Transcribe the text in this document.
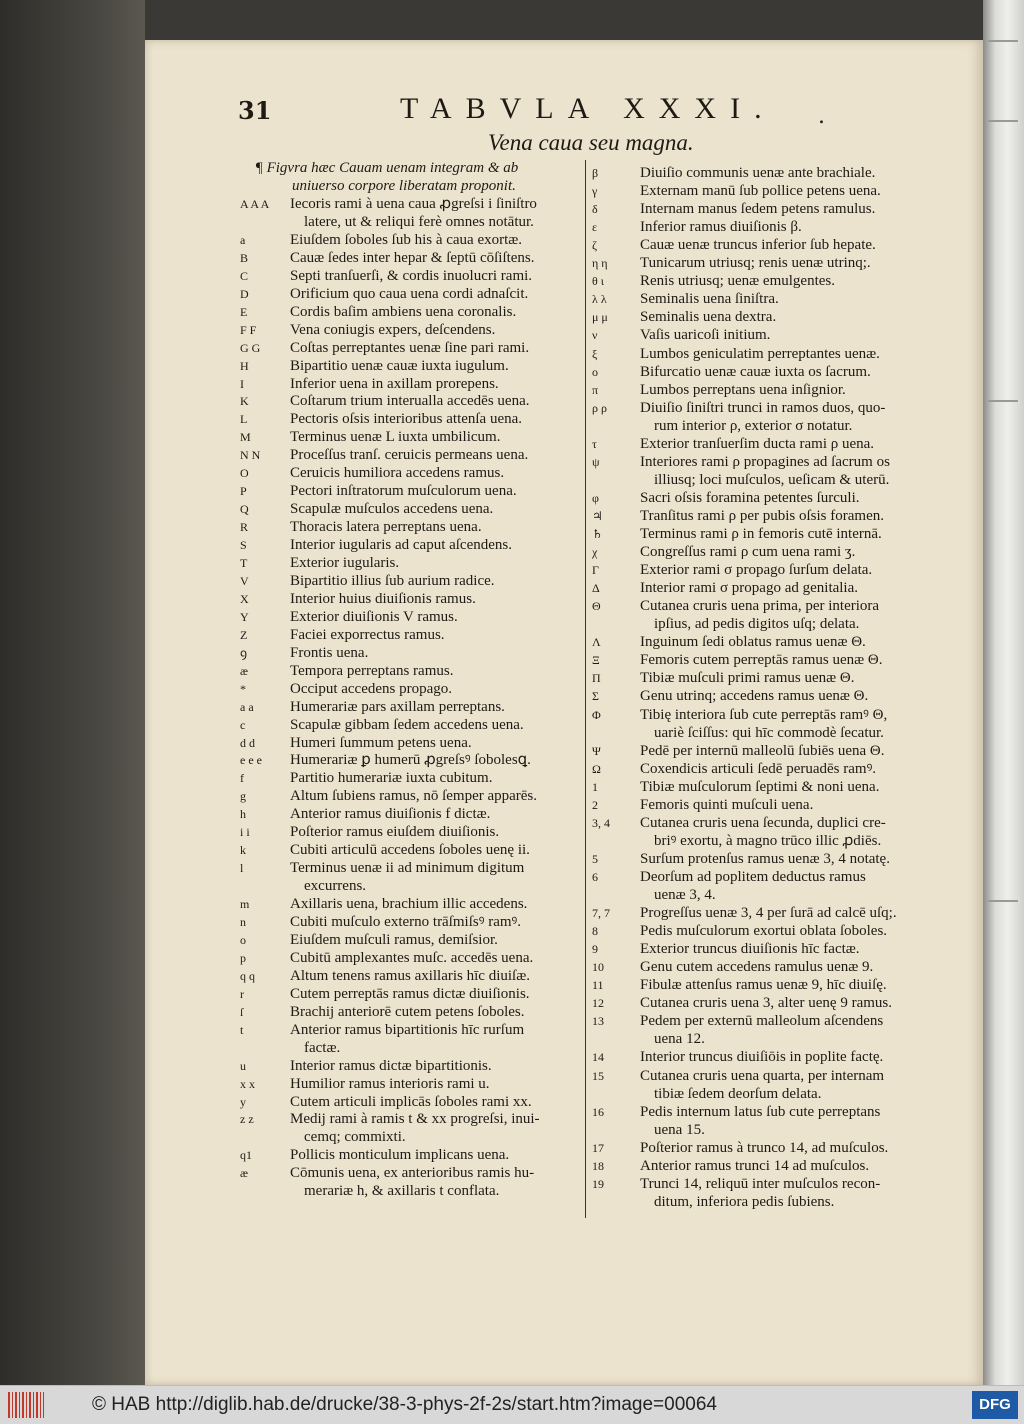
31	TABVLA XXXI. .
Vena caua seu magna.
¶ Figvra hæc Cauam uenam integram & ab
uniuerso corpore liberatam proponit.
A A A Iecoris rami à uena caua ꝓgreſsi i ſiniſtro
latere, ut & reliqui ferè omnes notātur.
a	Eiuſdem ſoboles ſub his à caua exortæ.
B	Cauæ ſedes inter hepar & ſeptū cōſiſtens.
C	Septi tranſuerſi, & cordis inuolucri rami.
D	Orificium quo caua uena cordi adnaſcit.
E	Cordis baſim ambiens uena coronalis.
F F Vena coniugis expers, deſcendens.
G G Coſtas perreptantes uenæ ſine pari rami.
H	Bipartitio uenæ cauæ iuxta iugulum.
I	Inferior uena in axillam prorepens.
K	Coſtarum trium interualla accedēs uena.
L	Pectoris oſsis interioribus attenſa uena.
M	Terminus uenæ L iuxta umbilicum.
N N Proceſſus tranſ. ceruicis permeans uena.
O	Ceruicis humiliora accedens ramus.
P	Pectori inſtratorum muſculorum uena.
Q	Scapulæ muſculos accedens uena.
R	Thoracis latera perreptans uena.
S	Interior iugularis ad caput aſcendens.
T	Exterior iugularis.
V	Bipartitio illius ſub aurium radice.
X	Interior huius diuiſionis ramus.
Y	Exterior diuiſionis V ramus.
Z	Faciei exporrectus ramus.
ꝯ	Frontis uena.
æ	Tempora perreptans ramus.
*	Occiput accedens propago.
a a Humerariæ pars axillam perreptans.
c	Scapulæ gibbam ſedem accedens uena.
d d Humeri ſummum petens uena.
e e e Humerariæ ꝑ humerū ꝓgreſsꝰ ſobolesꝗ.
f	Partitio humerariæ iuxta cubitum.
g	Altum ſubiens ramus, nō ſemper apparēs.
h	Anterior ramus diuiſionis f dictæ.
i i	Poſterior ramus eiuſdem diuiſionis.
k	Cubiti articulū accedens ſoboles uenę ii.
l	Terminus uenæ ii ad minimum digitum
excurrens.
m	Axillaris uena, brachium illic accedens.
n	Cubiti muſculo externo trāſmiſsꝰ ramꝰ.
o	Eiuſdem muſculi ramus, demiſsior.
p	Cubitū amplexantes muſc. accedēs uena.
q q Altum tenens ramus axillaris hīc diuiſæ.
r	Cutem perreptās ramus dictæ diuiſionis.
ſ	Brachij anteriorē cutem petens ſoboles.
t	Anterior ramus bipartitionis hīc rurſum
factæ.
u	Interior ramus dictæ bipartitionis.
x x Humilior ramus interioris rami u.
y	Cutem articuli implicās ſoboles rami xx.
z z Medij rami à ramis t & xx progreſsi, inui-
cemq; commixti.
q1	Pollicis monticulum implicans uena.
æ	Cōmunis uena, ex anterioribus ramis hu-
merariæ h, & axillaris t conflata.
β	Diuiſio communis uenæ ante brachiale.
γ	Externam manū ſub pollice petens uena.
δ	Internam manus ſedem petens ramulus.
ε	Inferior ramus diuiſionis β.
ζ	Cauæ uenæ truncus inferior ſub hepate.
η η Tunicarum utriusq; renis uenæ utrinq;.
θ ι Renis utriusq; uenæ emulgentes.
λ λ Seminalis uena ſiniſtra.
μ μ Seminalis uena dextra.
ν	Vaſis uaricoſi initium.
ξ	Lumbos geniculatim perreptantes uenæ.
ο	Bifurcatio uenæ cauæ iuxta os ſacrum.
π	Lumbos perreptans uena inſignior.
ρ ρ Diuiſio ſiniſtri trunci in ramos duos, quo-
rum interior ρ, exterior σ notatur.
τ	Exterior tranſuerſim ducta rami ρ uena.
ψ	Interiores rami ρ propagines ad ſacrum os
illiusq; loci muſculos, ueſicam & uterū.
φ	Sacri oſsis foramina petentes ſurculi.
♃ Tranſitus rami ρ per pubis oſsis foramen.
♄ Terminus rami ρ in femoris cutē internā.
χ	Congreſſus rami ρ cum uena rami ʒ.
Γ	Exterior rami σ propago ſurſum delata.
Δ	Interior rami σ propago ad genitalia.
Θ	Cutanea cruris uena prima, per interiora
ipſius, ad pedis digitos uſq; delata.
Λ	Inguinum ſedi oblatus ramus uenæ Θ.
Ξ	Femoris cutem perreptās ramus uenæ Θ.
Π	Tibiæ muſculi primi ramus uenæ Θ.
Σ	Genu utrinq; accedens ramus uenæ Θ.
Φ	Tibię interiora ſub cute perreptās ramꝰ Θ,
uariè ſciſſus: qui hīc commodè ſecatur.
Ψ	Pedē per internū malleolū ſubiēs uena Θ.
Ω	Coxendicis articuli ſedē peruadēs ramꝰ.
1	Tibiæ muſculorum ſeptimi & noni uena.
2	Femoris quinti muſculi uena.
3, 4 Cutanea cruris uena ſecunda, duplici cre-
briꝰ exortu, à magno trūco illic ꝓdiēs.
5	Surſum protenſus ramus uenæ 3, 4 notatę.
6	Deorſum ad poplitem deductus ramus
uenæ 3, 4.
7, 7 Progreſſus uenæ 3, 4 per ſurā ad calcē uſq;.
8	Pedis muſculorum exortui oblata ſoboles.
9	Exterior truncus diuiſionis hīc factæ.
10 Genu cutem accedens ramulus uenæ 9.
11 Fibulæ attenſus ramus uenæ 9, hīc diuiſę.
12 Cutanea cruris uena 3, alter uenę 9 ramus.
13 Pedem per externū malleolum aſcendens
uena 12.
14 Interior truncus diuiſiōis in poplite factę.
15 Cutanea cruris uena quarta, per internam
tibiæ ſedem deorſum delata.
16 Pedis internum latus ſub cute perreptans
uena 15.
17 Poſterior ramus à trunco 14, ad muſculos.
18 Anterior ramus trunci 14 ad muſculos.
19 Trunci 14, reliquū inter muſculos recon-
ditum, inferiora pedis ſubiens.
© HAB http://diglib.hab.de/drucke/38-3-phys-2f-2s/start.htm?image=00064	DFG
